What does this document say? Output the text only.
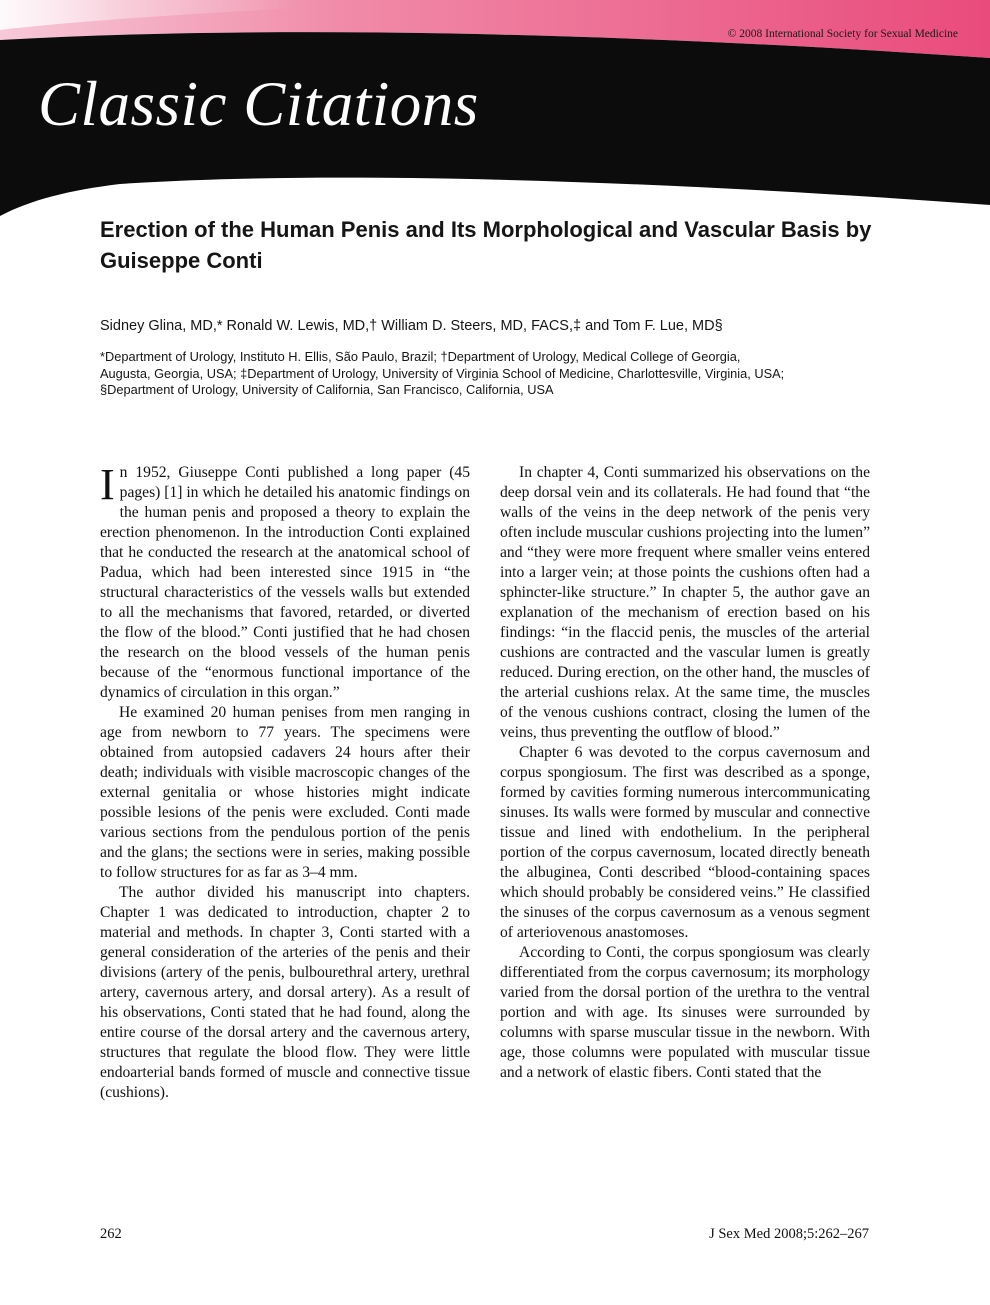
© 2008 International Society for Sexual Medicine

Classic Citations
Erection of the Human Penis and Its Morphological and Vascular Basis by Guiseppe Conti

Sidney Glina, MD,* Ronald W. Lewis, MD,† William D. Steers, MD, FACS,‡ and Tom F. Lue, MD§

*Department of Urology, Instituto H. Ellis, São Paulo, Brazil; †Department of Urology, Medical College of Georgia,
Augusta, Georgia, USA; ‡Department of Urology, University of Virginia School of Medicine, Charlottesville, Virginia, USA;
§Department of Urology, University of California, San Francisco, California, USA

In 1952, Giuseppe Conti published a long paper (45 pages) [1] in which he detailed his anatomic findings on the human penis and proposed a theory to explain the erection phenomenon. In the introduction Conti explained that he conducted the research at the anatomical school of Padua, which had been interested since 1915 in “the structural characteristics of the vessels walls but extended to all the mechanisms that favored, retarded, or diverted the flow of the blood.” Conti justified that he had chosen the research on the blood vessels of the human penis because of the “enormous functional importance of the dynamics of circulation in this organ.”

He examined 20 human penises from men ranging in age from newborn to 77 years. The specimens were obtained from autopsied cadavers 24 hours after their death; individuals with visible macroscopic changes of the external genitalia or whose histories might indicate possible lesions of the penis were excluded. Conti made various sections from the pendulous portion of the penis and the glans; the sections were in series, making possible to follow structures for as far as 3–4 mm.

The author divided his manuscript into chapters. Chapter 1 was dedicated to introduction, chapter 2 to material and methods. In chapter 3, Conti started with a general consideration of the arteries of the penis and their divisions (artery of the penis, bulbourethral artery, urethral artery, cavernous artery, and dorsal artery). As a result of his observations, Conti stated that he had found, along the entire course of the dorsal artery and the cavernous artery, structures that regulate the blood flow. They were little endoarterial bands formed of muscle and connective tissue (cushions).

In chapter 4, Conti summarized his observations on the deep dorsal vein and its collaterals. He had found that “the walls of the veins in the deep network of the penis very often include muscular cushions projecting into the lumen” and “they were more frequent where smaller veins entered into a larger vein; at those points the cushions often had a sphincter-like structure.” In chapter 5, the author gave an explanation of the mechanism of erection based on his findings: “in the flaccid penis, the muscles of the arterial cushions are contracted and the vascular lumen is greatly reduced. During erection, on the other hand, the muscles of the arterial cushions relax. At the same time, the muscles of the venous cushions contract, closing the lumen of the veins, thus preventing the outflow of blood.”

Chapter 6 was devoted to the corpus cavernosum and corpus spongiosum. The first was described as a sponge, formed by cavities forming numerous intercommunicating sinuses. Its walls were formed by muscular and connective tissue and lined with endothelium. In the peripheral portion of the corpus cavernosum, located directly beneath the albuginea, Conti described “blood-containing spaces which should probably be considered veins.” He classified the sinuses of the corpus cavernosum as a venous segment of arteriovenous anastomoses.

According to Conti, the corpus spongiosum was clearly differentiated from the corpus cavernosum; its morphology varied from the dorsal portion of the urethra to the ventral portion and with age. Its sinuses were surrounded by columns with sparse muscular tissue in the newborn. With age, those columns were populated with muscular tissue and a network of elastic fibers. Conti stated that the

262	J Sex Med 2008;5:262–267
